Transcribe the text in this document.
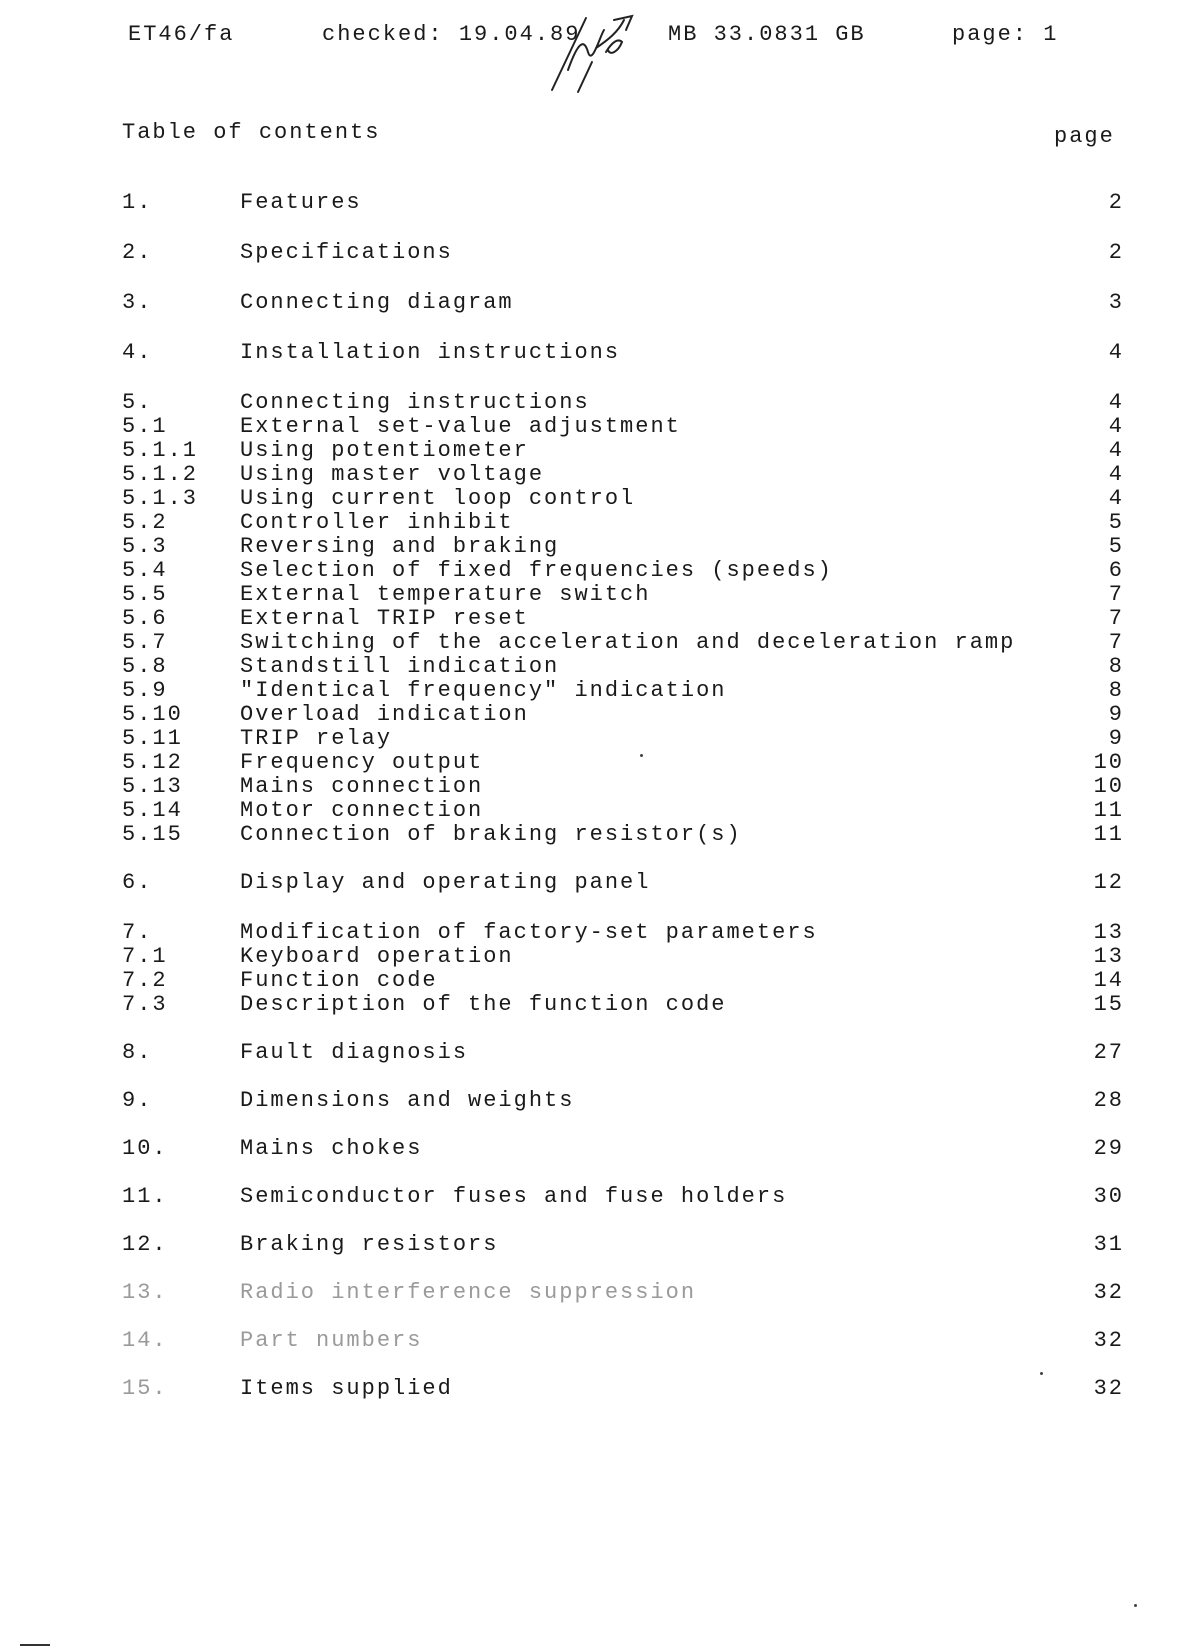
ET46/fa	checked: 19.04.89	MB 33.0831 GB	page: 1
Table of contents	page
1.	Features	2
2.	Specifications	2
3.	Connecting diagram	3
4.	Installation instructions	4
5.	Connecting instructions	4
5.1	External set-value adjustment	4
5.1.1 Using potentiometer	4
5.1.2 Using master voltage	4
5.1.3 Using current loop control	4
5.2	Controller inhibit	5
5.3	Reversing and braking	5
5.4	Selection of fixed frequencies (speeds)	6
5.5	External temperature switch	7
5.6	External TRIP reset	7
5.7	Switching of the acceleration and deceleration ramp	7
5.8	Standstill indication	8
5.9	"Identical frequency" indication	8
5.10	Overload indication	9
5.11	TRIP relay	9
5.12	Frequency output	10
5.13	Mains connection	10
5.14	Motor connection	11
5.15	Connection of braking resistor(s)	11
6.	Display and operating panel	12
7.	Modification of factory-set parameters	13
7.1	Keyboard operation	13
7.2	Function code	14
7.3	Description of the function code	15
8.	Fault diagnosis	27
9.	Dimensions and weights	28
10.	Mains chokes	29
11.	Semiconductor fuses and fuse holders	30
12.	Braking resistors	31
13.	Radio interference suppression	32
14.	Part numbers	32
15.	Items supplied	32
